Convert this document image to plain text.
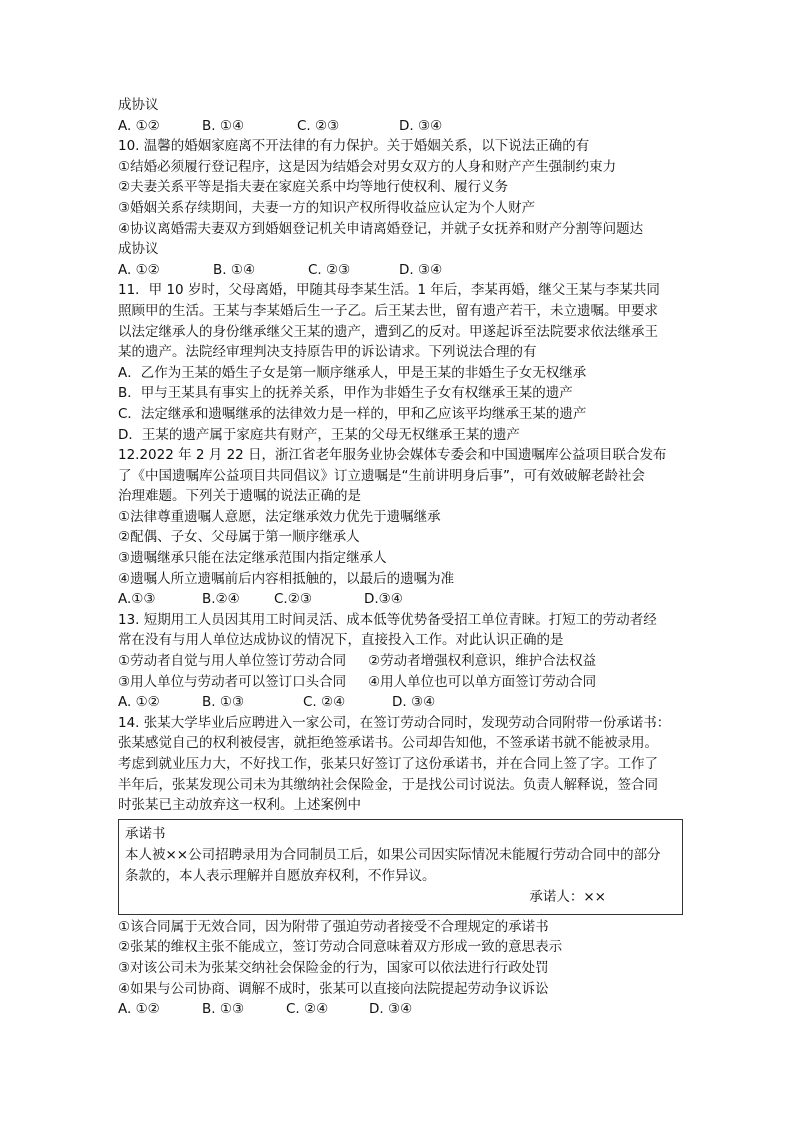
成协议
A. ①②	B. ①④	C. ②③	D. ③④
10. 温馨的婚姻家庭离不开法律的有力保护。关于婚姻关系，以下说法正确的有
①结婚必须履行登记程序，这是因为结婚会对男女双方的人身和财产产生强制约束力
②夫妻关系平等是指夫妻在家庭关系中均等地行使权利、履行义务
③婚姻关系存续期间，夫妻一方的知识产权所得收益应认定为个人财产
④协议离婚需夫妻双方到婚姻登记机关申请离婚登记，并就子女抚养和财产分割等问题达
成协议
A. ①②	B. ①④	C. ②③	D. ③④
11．甲 10 岁时，父母离婚，甲随其母李某生活。1 年后，李某再婚，继父王某与李某共同
照顾甲的生活。王某与李某婚后生一子乙。后王某去世，留有遗产若干，未立遗嘱。甲要求
以法定继承人的身份继承继父王某的遗产，遭到乙的反对。甲遂起诉至法院要求依法继承王
某的遗产。法院经审理判决支持原告甲的诉讼请求。下列说法合理的有
A．乙作为王某的婚生子女是第一顺序继承人，甲是王某的非婚生子女无权继承
B．甲与王某具有事实上的抚养关系，甲作为非婚生子女有权继承王某的遗产
C．法定继承和遗嘱继承的法律效力是一样的，甲和乙应该平均继承王某的遗产
D．王某的遗产属于家庭共有财产，王某的父母无权继承王某的遗产
12.2022 年 2 月 22 日，浙江省老年服务业协会媒体专委会和中国遗嘱库公益项目联合发布
了《中国遗嘱库公益项目共同倡议》订立遗嘱是“生前讲明身后事”，可有效破解老龄社会
治理难题。下列关于遗嘱的说法正确的是
①法律尊重遗嘱人意愿，法定继承效力优先于遗嘱继承
②配偶、子女、父母属于第一顺序继承人
③遗嘱继承只能在法定继承范围内指定继承人
④遗嘱人所立遗嘱前后内容相抵触的，以最后的遗嘱为准
A.①③	B.②④	C.②③	D.③④
13. 短期用工人员因其用工时间灵活、成本低等优势备受招工单位青睐。打短工的劳动者经
常在没有与用人单位达成协议的情况下，直接投入工作。对此认识正确的是
①劳动者自觉与用人单位签订劳动合同	②劳动者增强权利意识，维护合法权益
③用人单位与劳动者可以签订口头合同	④用人单位也可以单方面签订劳动合同
A. ①②	B. ①③	C. ②④	D. ③④
14. 张某大学毕业后应聘进入一家公司，在签订劳动合同时，发现劳动合同附带一份承诺书：
张某感觉自己的权利被侵害，就拒绝签承诺书。公司却告知他，不签承诺书就不能被录用。
考虑到就业压力大，不好找工作，张某只好签订了这份承诺书，并在合同上签了字。工作了
半年后，张某发现公司未为其缴纳社会保险金，于是找公司讨说法。负责人解释说，签合同
时张某已主动放弃这一权利。上述案例中
承诺书
本人被××公司招聘录用为合同制员工后，如果公司因实际情况未能履行劳动合同中的部分
条款的，本人表示理解并自愿放弃权利，不作异议。
承诺人：××
①该合同属于无效合同，因为附带了强迫劳动者接受不合理规定的承诺书
②张某的维权主张不能成立，签订劳动合同意味着双方形成一致的意思表示
③对该公司未为张某交纳社会保险金的行为，国家可以依法进行行政处罚
④如果与公司协商、调解不成时，张某可以直接向法院提起劳动争议诉讼
A. ①②	B. ①③	C. ②④	D. ③④
